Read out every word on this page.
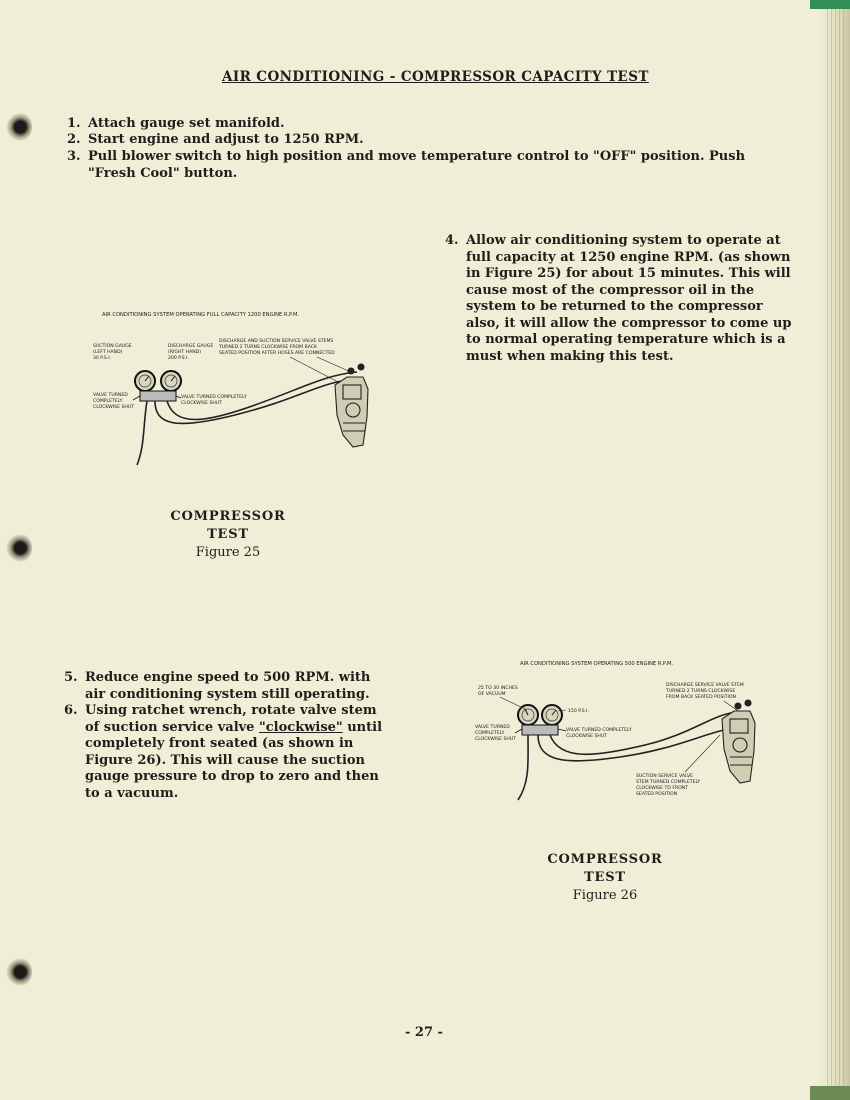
AIR CONDITIONING - COMPRESSOR CAPACITY TEST
1. Attach gauge set manifold.
2. Start engine and adjust to 1250 RPM.
3. Pull blower switch to high position and move temperature control to "OFF" position. Push "Fresh Cool" button.
4. Allow air conditioning system to operate at full capacity at 1250 engine RPM. (as shown in Figure 25) for about 15 minutes. This will cause most of the compressor oil in the system to be returned to the compressor also, it will allow the compressor to come up to normal operating temperature which is a must when making this test.
AIR CONDITIONING SYSTEM OPERATING FULL CAPACITY 1200 ENGINE R.P.M.
SUCTION GAUGE
(LEFT HAND)
30 P.S.I.
DISCHARGE GAUGE
(RIGHT HAND)
200 P.S.I.
DISCHARGE AND SUCTION SERVICE VALVE STEMS
TURNED 2 TURNS CLOCKWISE FROM BACK
SEATED POSITION AFTER HOSES ARE CONNECTED
VALVE TURNED
COMPLETELY
CLOCKWISE SHUT
VALVE TURNED COMPLETELY
CLOCKWISE SHUT
COMPRESSOR TEST
Figure 25
5. Reduce engine speed to 500 RPM. with air conditioning system still operating.
6. Using ratchet wrench, rotate valve stem of suction service valve "clockwise" until completely front seated (as shown in Figure 26). This will cause the suction gauge pressure to drop to zero and then to a vacuum.
AIR CONDITIONING SYSTEM OPERATING 500 ENGINE R.P.M.
25 TO 30 INCHES
OF VACUUM
150 P.S.I.
DISCHARGE SERVICE VALVE STEM
TURNED 2 TURNS CLOCKWISE
FROM BACK SEATED POSITION
VALVE TURNED
COMPLETELY
CLOCKWISE SHUT
VALVE TURNED COMPLETELY
CLOCKWISE SHUT
SUCTION SERVICE VALVE
STEM TURNED COMPLETELY
CLOCKWISE TO FRONT
SEATED POSITION
COMPRESSOR TEST
Figure 26
- 27 -
